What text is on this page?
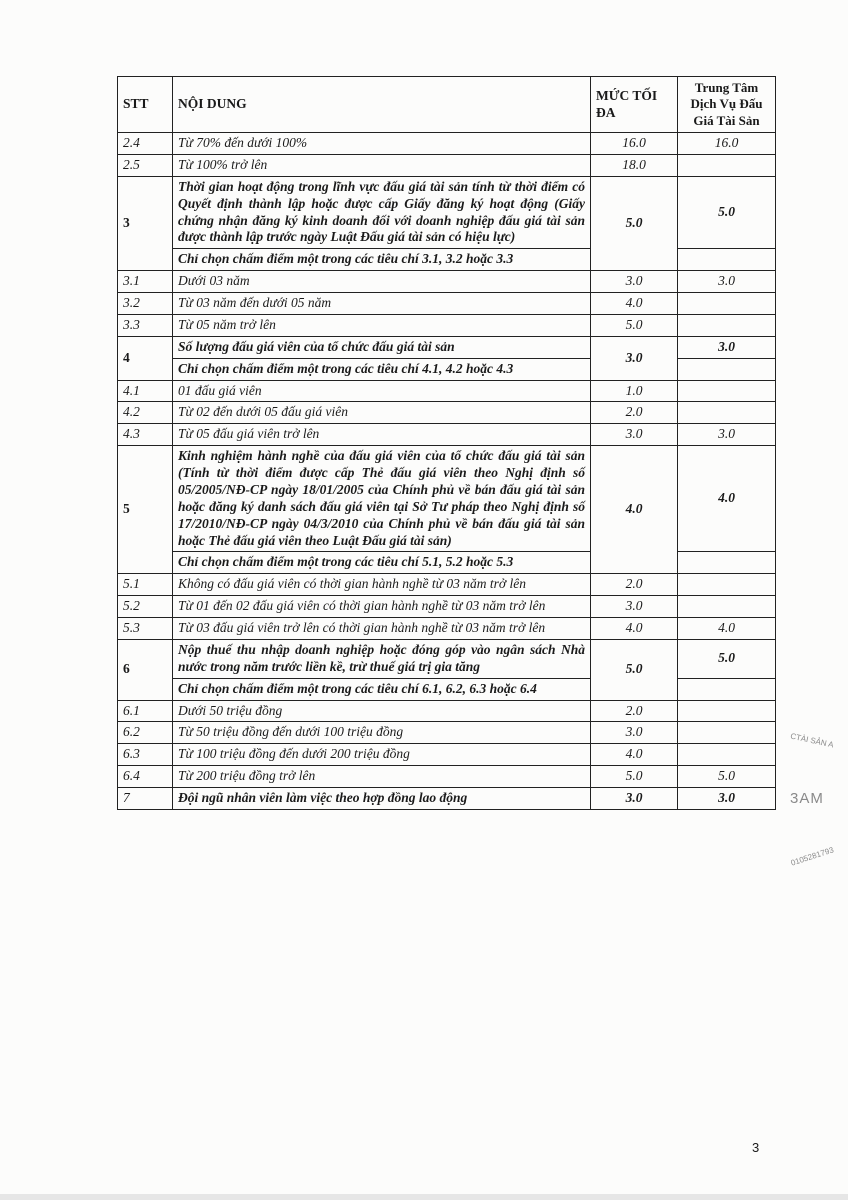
STT	NỘI DUNG	MỨC TỐI ĐA	Trung Tâm Dịch Vụ Đấu Giá Tài Sản
2.4	Từ 70% đến dưới 100%	16.0	16.0
2.5	Từ 100% trở lên	18.0	
3	Thời gian hoạt động trong lĩnh vực đấu giá tài sản tính từ thời điểm có Quyết định thành lập hoặc được cấp Giấy đăng ký hoạt động (Giấy chứng nhận đăng ký kinh doanh đối với doanh nghiệp đấu giá tài sản được thành lập trước ngày Luật Đấu giá tài sản có hiệu lực)	5.0	5.0
	Chỉ chọn chấm điểm một trong các tiêu chí 3.1, 3.2 hoặc 3.3		
3.1	Dưới 03 năm	3.0	3.0
3.2	Từ 03 năm đến dưới 05 năm	4.0	
3.3	Từ 05 năm trở lên	5.0	
4	Số lượng đấu giá viên của tổ chức đấu giá tài sản	3.0	3.0
	Chỉ chọn chấm điểm một trong các tiêu chí 4.1, 4.2 hoặc 4.3		
4.1	01 đấu giá viên	1.0	
4.2	Từ 02 đến dưới 05 đấu giá viên	2.0	
4.3	Từ 05 đấu giá viên trở lên	3.0	3.0
5	Kinh nghiệm hành nghề của đấu giá viên của tổ chức đấu giá tài sản (Tính từ thời điểm được cấp Thẻ đấu giá viên theo Nghị định số 05/2005/NĐ-CP ngày 18/01/2005 của Chính phủ về bán đấu giá tài sản hoặc đăng ký danh sách đấu giá viên tại Sở Tư pháp theo Nghị định số 17/2010/NĐ-CP ngày 04/3/2010 của Chính phủ về bán đấu giá tài sản hoặc Thẻ đấu giá viên theo Luật Đấu giá tài sản)	4.0	4.0
	Chỉ chọn chấm điểm một trong các tiêu chí 5.1, 5.2 hoặc 5.3		
5.1	Không có đấu giá viên có thời gian hành nghề từ 03 năm trở lên	2.0	
5.2	Từ 01 đến 02 đấu giá viên có thời gian hành nghề từ 03 năm trở lên	3.0	
5.3	Từ 03 đấu giá viên trở lên có thời gian hành nghề từ 03 năm trở lên	4.0	4.0
6	Nộp thuế thu nhập doanh nghiệp hoặc đóng góp vào ngân sách Nhà nước trong năm trước liền kề, trừ thuế giá trị gia tăng	5.0	5.0
	Chỉ chọn chấm điểm một trong các tiêu chí 6.1, 6.2, 6.3 hoặc 6.4		
6.1	Dưới 50 triệu đồng	2.0	
6.2	Từ 50 triệu đồng đến dưới 100 triệu đồng	3.0	
6.3	Từ 100 triệu đồng đến dưới 200 triệu đồng	4.0	
6.4	Từ 200 triệu đồng trở lên	5.0	5.0
7	Đội ngũ nhân viên làm việc theo hợp đồng lao động	3.0	3.0
CTÀI SẢN A
3AM
0105281793
3
